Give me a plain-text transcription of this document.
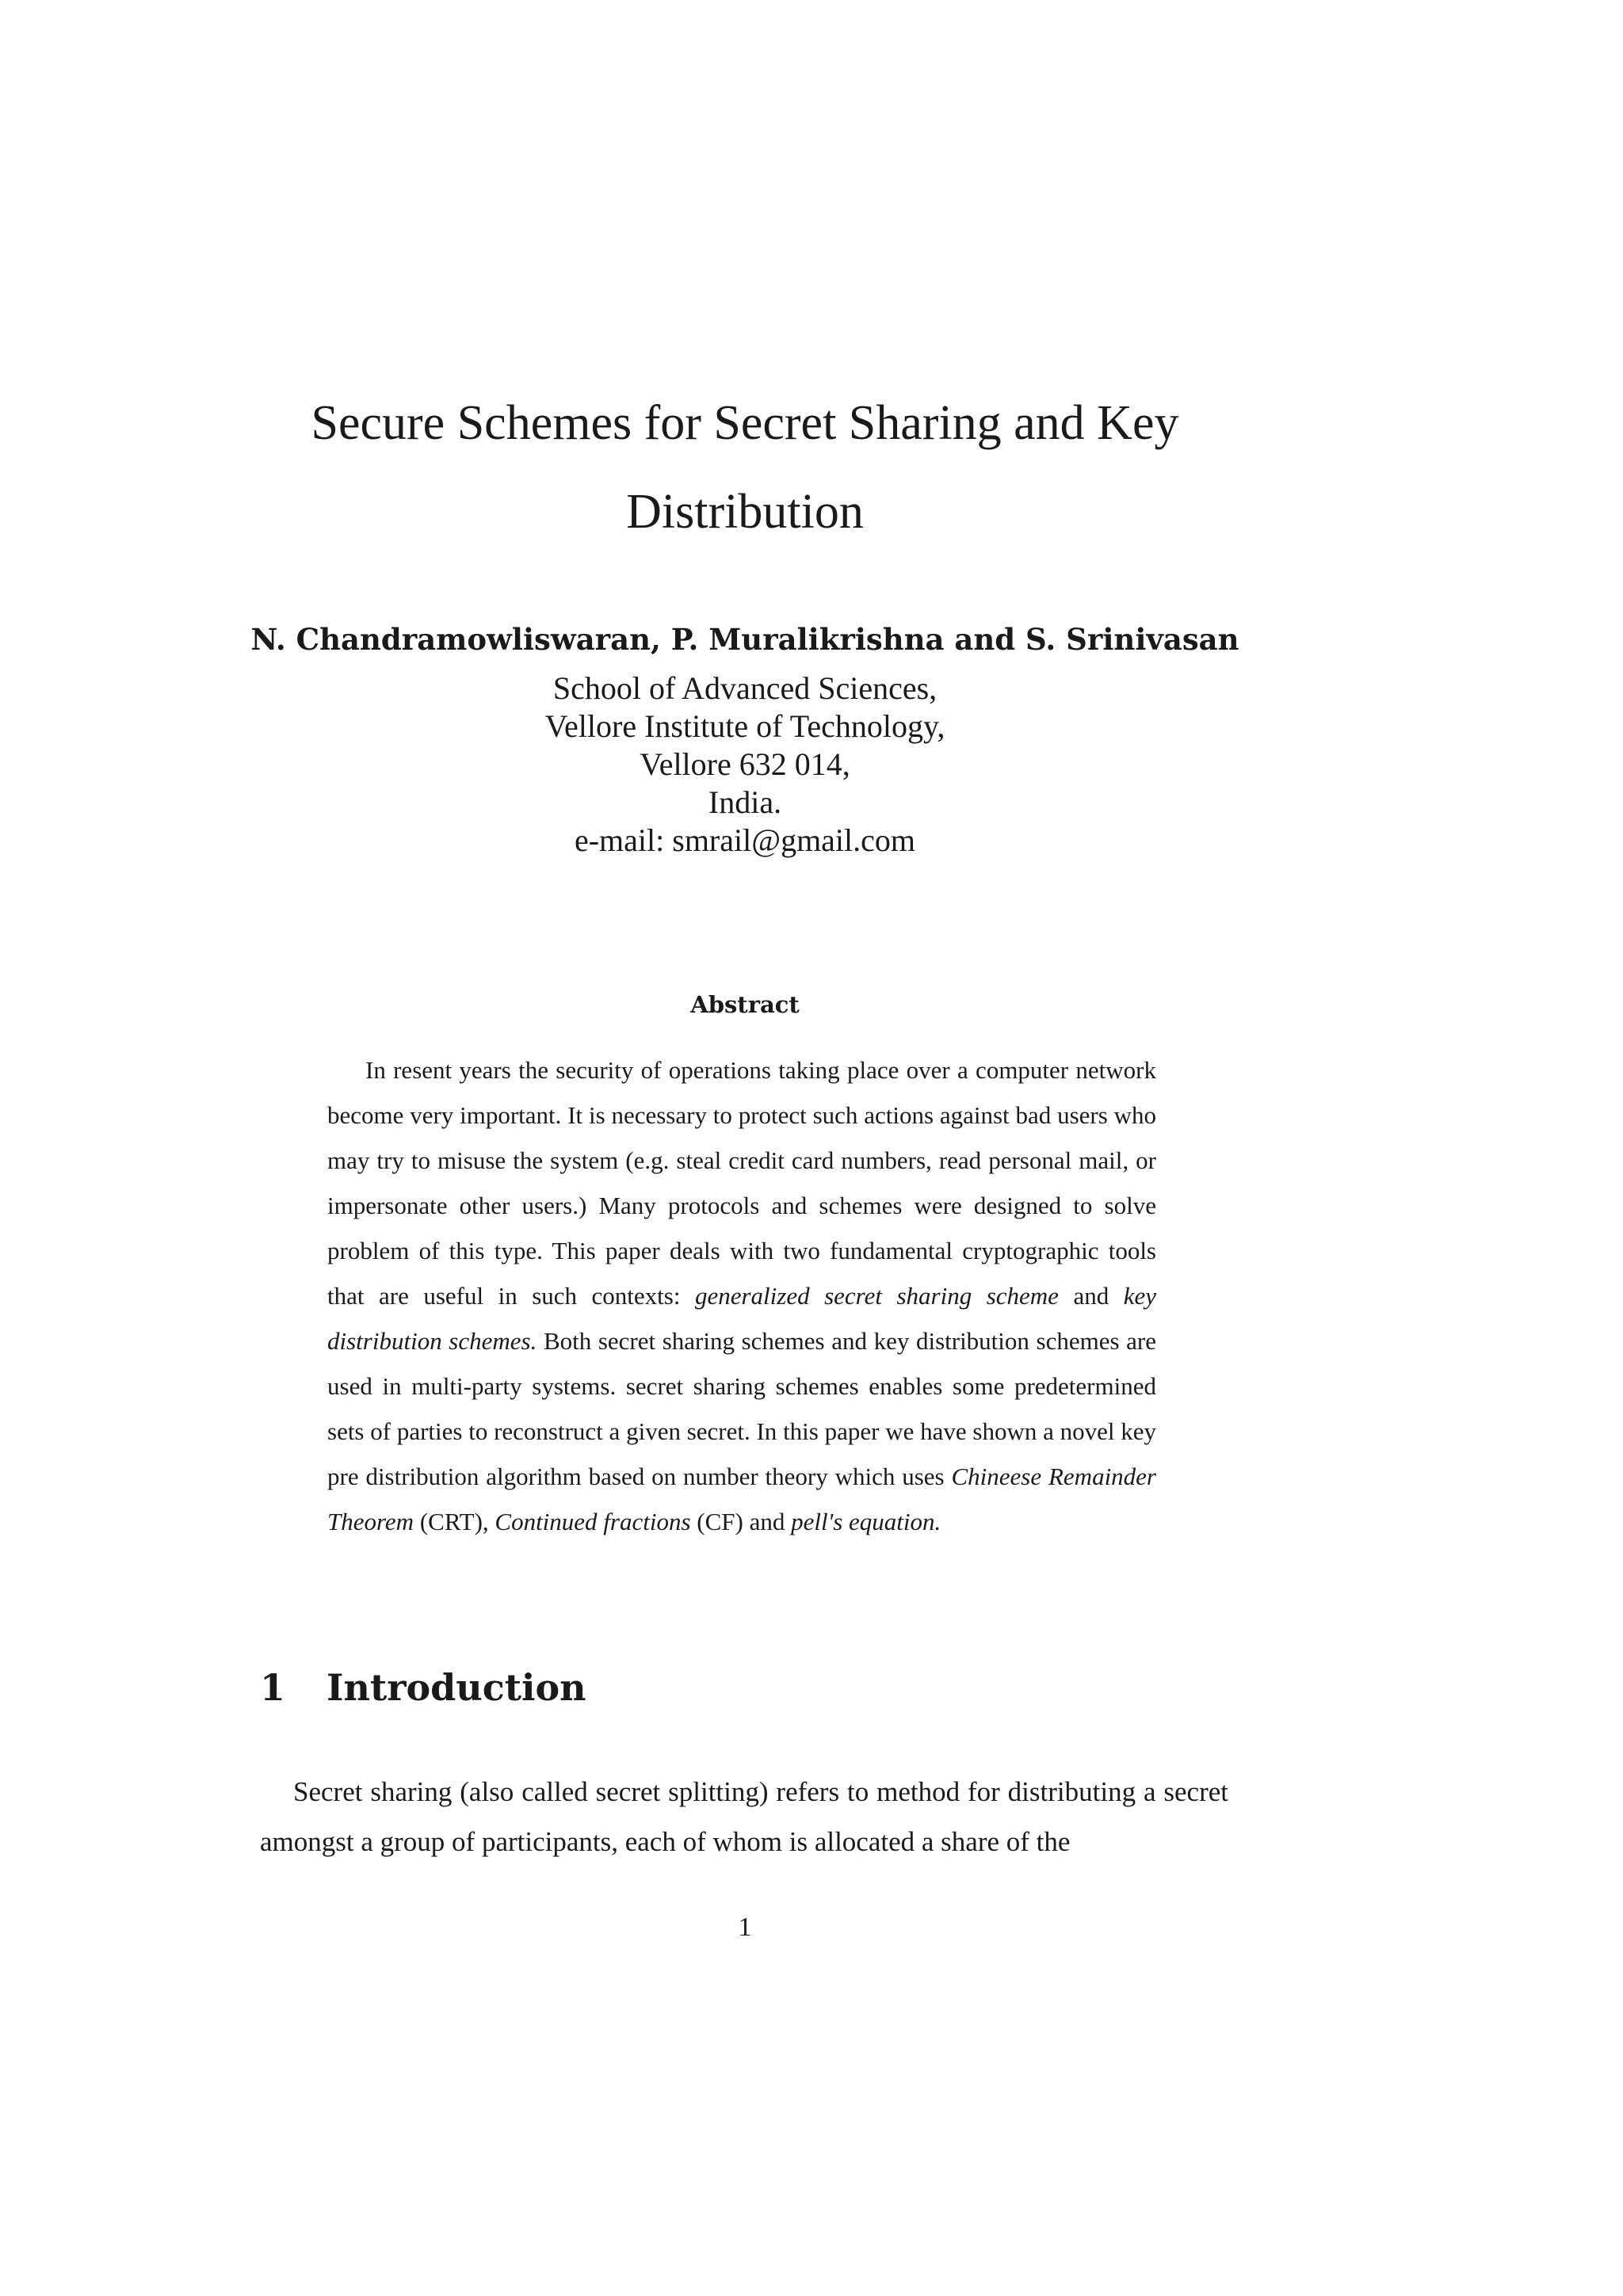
Secure Schemes for Secret Sharing and Key
Distribution
N. Chandramowliswaran, P. Muralikrishna and S. Srinivasan
School of Advanced Sciences,
Vellore Institute of Technology,
Vellore 632 014,
India.
e-mail: smrail@gmail.com
Abstract

In resent years the security of operations taking place over a computer network become very important. It is necessary to protect such actions against bad users who may try to misuse the system (e.g. steal credit card numbers, read personal mail, or impersonate other users.) Many protocols and schemes were designed to solve problem of this type. This paper deals with two fundamental cryptographic tools that are useful in such contexts: generalized secret sharing scheme and key distribution schemes. Both secret sharing schemes and key distribution schemes are used in multi-party systems. secret sharing schemes enables some predetermined sets of parties to reconstruct a given secret. In this paper we have shown a novel key pre distribution algorithm based on number theory which uses Chineese Remainder Theorem (CRT), Continued fractions (CF) and pell's equation.

1 Introduction

Secret sharing (also called secret splitting) refers to method for distributing a secret amongst a group of participants, each of whom is allocated a share of the

1
